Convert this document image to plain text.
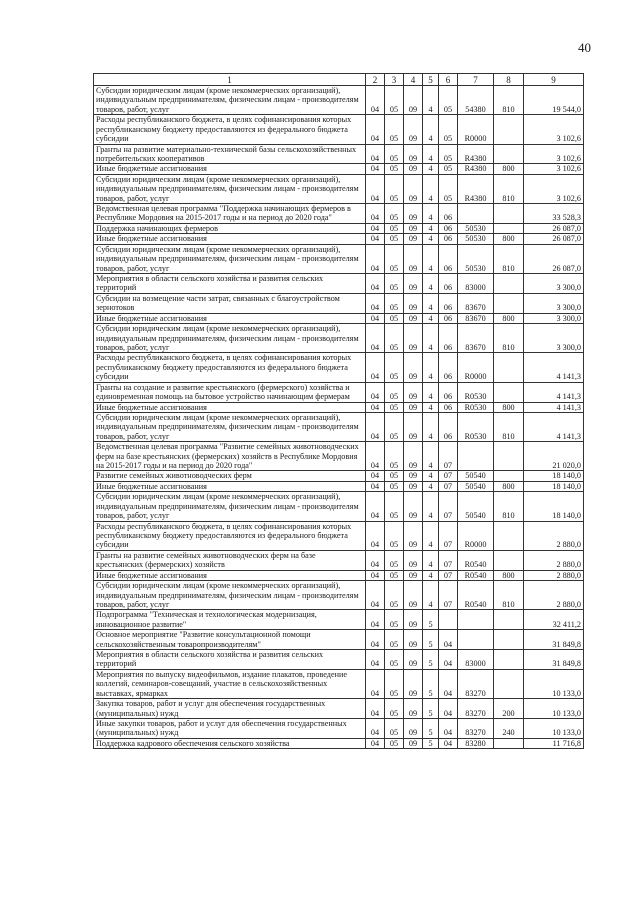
40
1	2	3	4	5	6	7	8	9
Субсидии юридическим лицам (кроме некоммерческих организаций), индивидуальным предпринимателям, физическим лицам - производителям товаров, работ, услуг	04	05	09	4	05	54380	810	19 544,0
Расходы республиканского бюджета, в целях софинансирования которых республиканскому бюджету предоставляются из федерального бюджета субсидии	04	05	09	4	05	R0000		3 102,6
Гранты на развитие материально-технической базы сельскохозяйственных потребительских кооперативов	04	05	09	4	05	R4380		3 102,6
Иные бюджетные ассигнования	04	05	09	4	05	R4380	800	3 102,6
Субсидии юридическим лицам (кроме некоммерческих организаций), индивидуальным предпринимателям, физическим лицам - производителям товаров, работ, услуг	04	05	09	4	05	R4380	810	3 102,6
Ведомственная целевая программа "Поддержка начинающих фермеров в Республике Мордовия на 2015-2017 годы и на период до 2020 года"	04	05	09	4	06			33 528,3
Поддержка начинающих фермеров	04	05	09	4	06	50530		26 087,0
Иные бюджетные ассигнования	04	05	09	4	06	50530	800	26 087,0
Субсидии юридическим лицам (кроме некоммерческих организаций), индивидуальным предпринимателям, физическим лицам - производителям товаров, работ, услуг	04	05	09	4	06	50530	810	26 087,0
Мероприятия в области сельского хозяйства и развития сельских территорий	04	05	09	4	06	83000		3 300,0
Субсидии на возмещение части затрат, связанных с благоустройством зернотоков	04	05	09	4	06	83670		3 300,0
Иные бюджетные ассигнования	04	05	09	4	06	83670	800	3 300,0
Субсидии юридическим лицам (кроме некоммерческих организаций), индивидуальным предпринимателям, физическим лицам - производителям товаров, работ, услуг	04	05	09	4	06	83670	810	3 300,0
Расходы республиканского бюджета, в целях софинансирования которых республиканскому бюджету предоставляются из федерального бюджета субсидии	04	05	09	4	06	R0000		4 141,3
Гранты на создание и развитие крестьянского (фермерского) хозяйства и единовременная помощь на бытовое устройство начинающим фермерам	04	05	09	4	06	R0530		4 141,3
Иные бюджетные ассигнования	04	05	09	4	06	R0530	800	4 141,3
Субсидии юридическим лицам (кроме некоммерческих организаций), индивидуальным предпринимателям, физическим лицам - производителям товаров, работ, услуг	04	05	09	4	06	R0530	810	4 141,3
Ведомственная целевая программа "Развитие семейных животноводческих ферм на базе крестьянских (фермерских) хозяйств в Республике Мордовия на 2015-2017 годы и на период до 2020 года"	04	05	09	4	07			21 020,0
Развитие семейных животноводческих ферм	04	05	09	4	07	50540		18 140,0
Иные бюджетные ассигнования	04	05	09	4	07	50540	800	18 140,0
Субсидии юридическим лицам (кроме некоммерческих организаций), индивидуальным предпринимателям, физическим лицам - производителям товаров, работ, услуг	04	05	09	4	07	50540	810	18 140,0
Расходы республиканского бюджета, в целях софинансирования которых республиканскому бюджету предоставляются из федерального бюджета субсидии	04	05	09	4	07	R0000		2 880,0
Гранты на развитие семейных животноводческих ферм на базе крестьянских (фермерских) хозяйств	04	05	09	4	07	R0540		2 880,0
Иные бюджетные ассигнования	04	05	09	4	07	R0540	800	2 880,0
Субсидии юридическим лицам (кроме некоммерческих организаций), индивидуальным предпринимателям, физическим лицам - производителям товаров, работ, услуг	04	05	09	4	07	R0540	810	2 880,0
Подпрограмма "Техническая и технологическая модернизация, инновационное развитие"	04	05	09	5				32 411,2
Основное мероприятие "Развитие консультационной помощи сельскохозяйственным товаропроизводителям"	04	05	09	5	04			31 849,8
Мероприятия в области сельского хозяйства и развития сельских территорий	04	05	09	5	04	83000		31 849,8
Мероприятия по выпуску видеофильмов, издание плакатов, проведение коллегий, семинаров-совещаний, участие в сельскохозяйственных выставках, ярмарках	04	05	09	5	04	83270		10 133,0
Закупка товаров, работ и услуг для обеспечения государственных (муниципальных) нужд	04	05	09	5	04	83270	200	10 133,0
Иные закупки товаров, работ и услуг для обеспечения государственных (муниципальных) нужд	04	05	09	5	04	83270	240	10 133,0
Поддержка кадрового обеспечения сельского хозяйства	04	05	09	5	04	83280		11 716,8
